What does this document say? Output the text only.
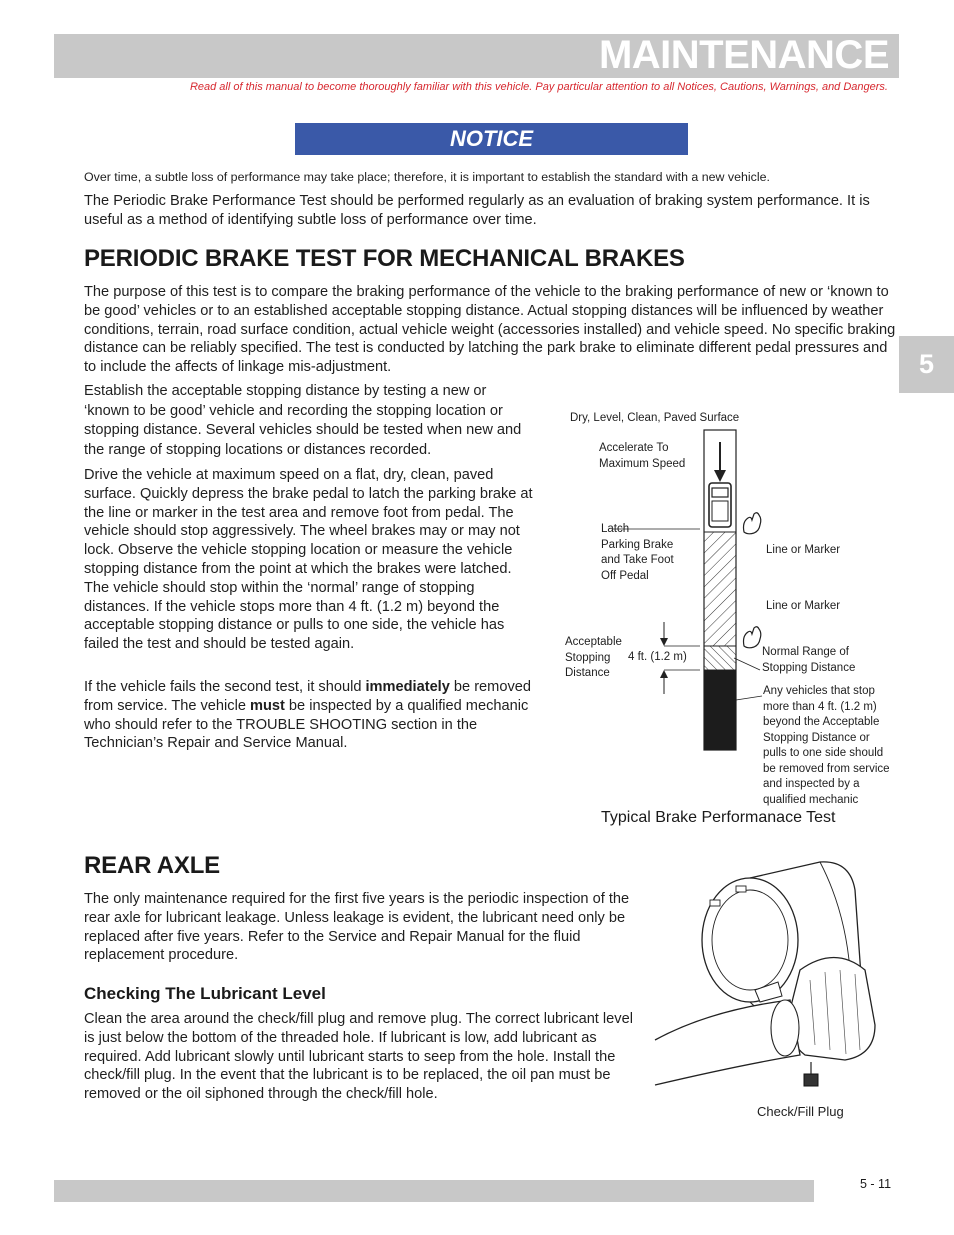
MAINTENANCE
Read all of this manual to become thoroughly familiar with this vehicle. Pay particular attention to all Notices, Cautions, Warnings, and Dangers.
NOTICE
Over time, a subtle loss of performance may take place; therefore, it is important to establish the standard with a new vehicle.
The Periodic Brake Performance Test should be performed regularly as an evaluation of braking system performance. It is useful as a method of identifying subtle loss of performance over time.
5
PERIODIC BRAKE TEST FOR MECHANICAL BRAKES
The purpose of this test is to compare the braking performance of the vehicle to the braking performance of new or ‘known to be good’ vehicles or to an established acceptable stopping distance. Actual stopping distances will be influenced by weather conditions, terrain, road surface condition, actual vehicle weight (accessories installed) and vehicle speed. No specific braking distance can be reliably specified. The test is conducted by latching the park brake to eliminate different pedal pressures and to include the affects of linkage mis-adjustment.
Establish the acceptable stopping distance by testing a new or ‘known to be good’ vehicle and recording the stopping location or stopping distance. Several vehicles should be tested when new and the range of stopping locations or distances recorded.
Drive the vehicle at maximum speed on a flat, dry, clean, paved surface. Quickly depress the brake pedal to latch the parking brake at the line or marker in the test area and remove foot from pedal. The vehicle should stop aggressively. The wheel brakes may or may not lock. Observe the vehicle stopping location or measure the vehicle stopping distance from the point at which the brakes were latched. The vehicle should stop within the ‘normal’ range of stopping distances. If the vehicle stops more than 4 ft. (1.2 m) beyond the acceptable stopping distance or pulls to one side, the vehicle has failed the test and should be tested again.
If the vehicle fails the second test, it should immediately be removed from service. The vehicle must be inspected by a qualified mechanic who should refer to the TROUBLE SHOOTING section in the Technician’s Repair and Service Manual.
Dry, Level, Clean, Paved Surface
Accelerate To
Maximum Speed
Latch
Parking Brake
and Take Foot
Off Pedal
Line or Marker
Line or Marker
Acceptable
Stopping
Distance
4 ft. (1.2 m)	Normal Range of
Stopping Distance
Any vehicles that stop
more than 4 ft. (1.2 m)
beyond the Acceptable
Stopping Distance or
pulls to one side should
be removed from service
and inspected by a
qualified mechanic
Typical Brake Performanace Test
REAR AXLE
The only maintenance required for the first five years is the periodic inspection of the rear axle for lubricant leakage. Unless leakage is evident, the lubricant need only be replaced after five years. Refer to the Service and Repair Manual for the fluid replacement procedure.
Checking The Lubricant Level
Clean the area around the check/fill plug and remove plug. The correct lubricant level is just below the bottom of the threaded hole. If lubricant is low, add lubricant as required. Add lubricant slowly until lubricant starts to seep from the hole. Install the check/fill plug. In the event that the lubricant is to be replaced, the oil pan must be removed or the oil siphoned through the check/fill hole.
Check/Fill Plug
5 - 11
